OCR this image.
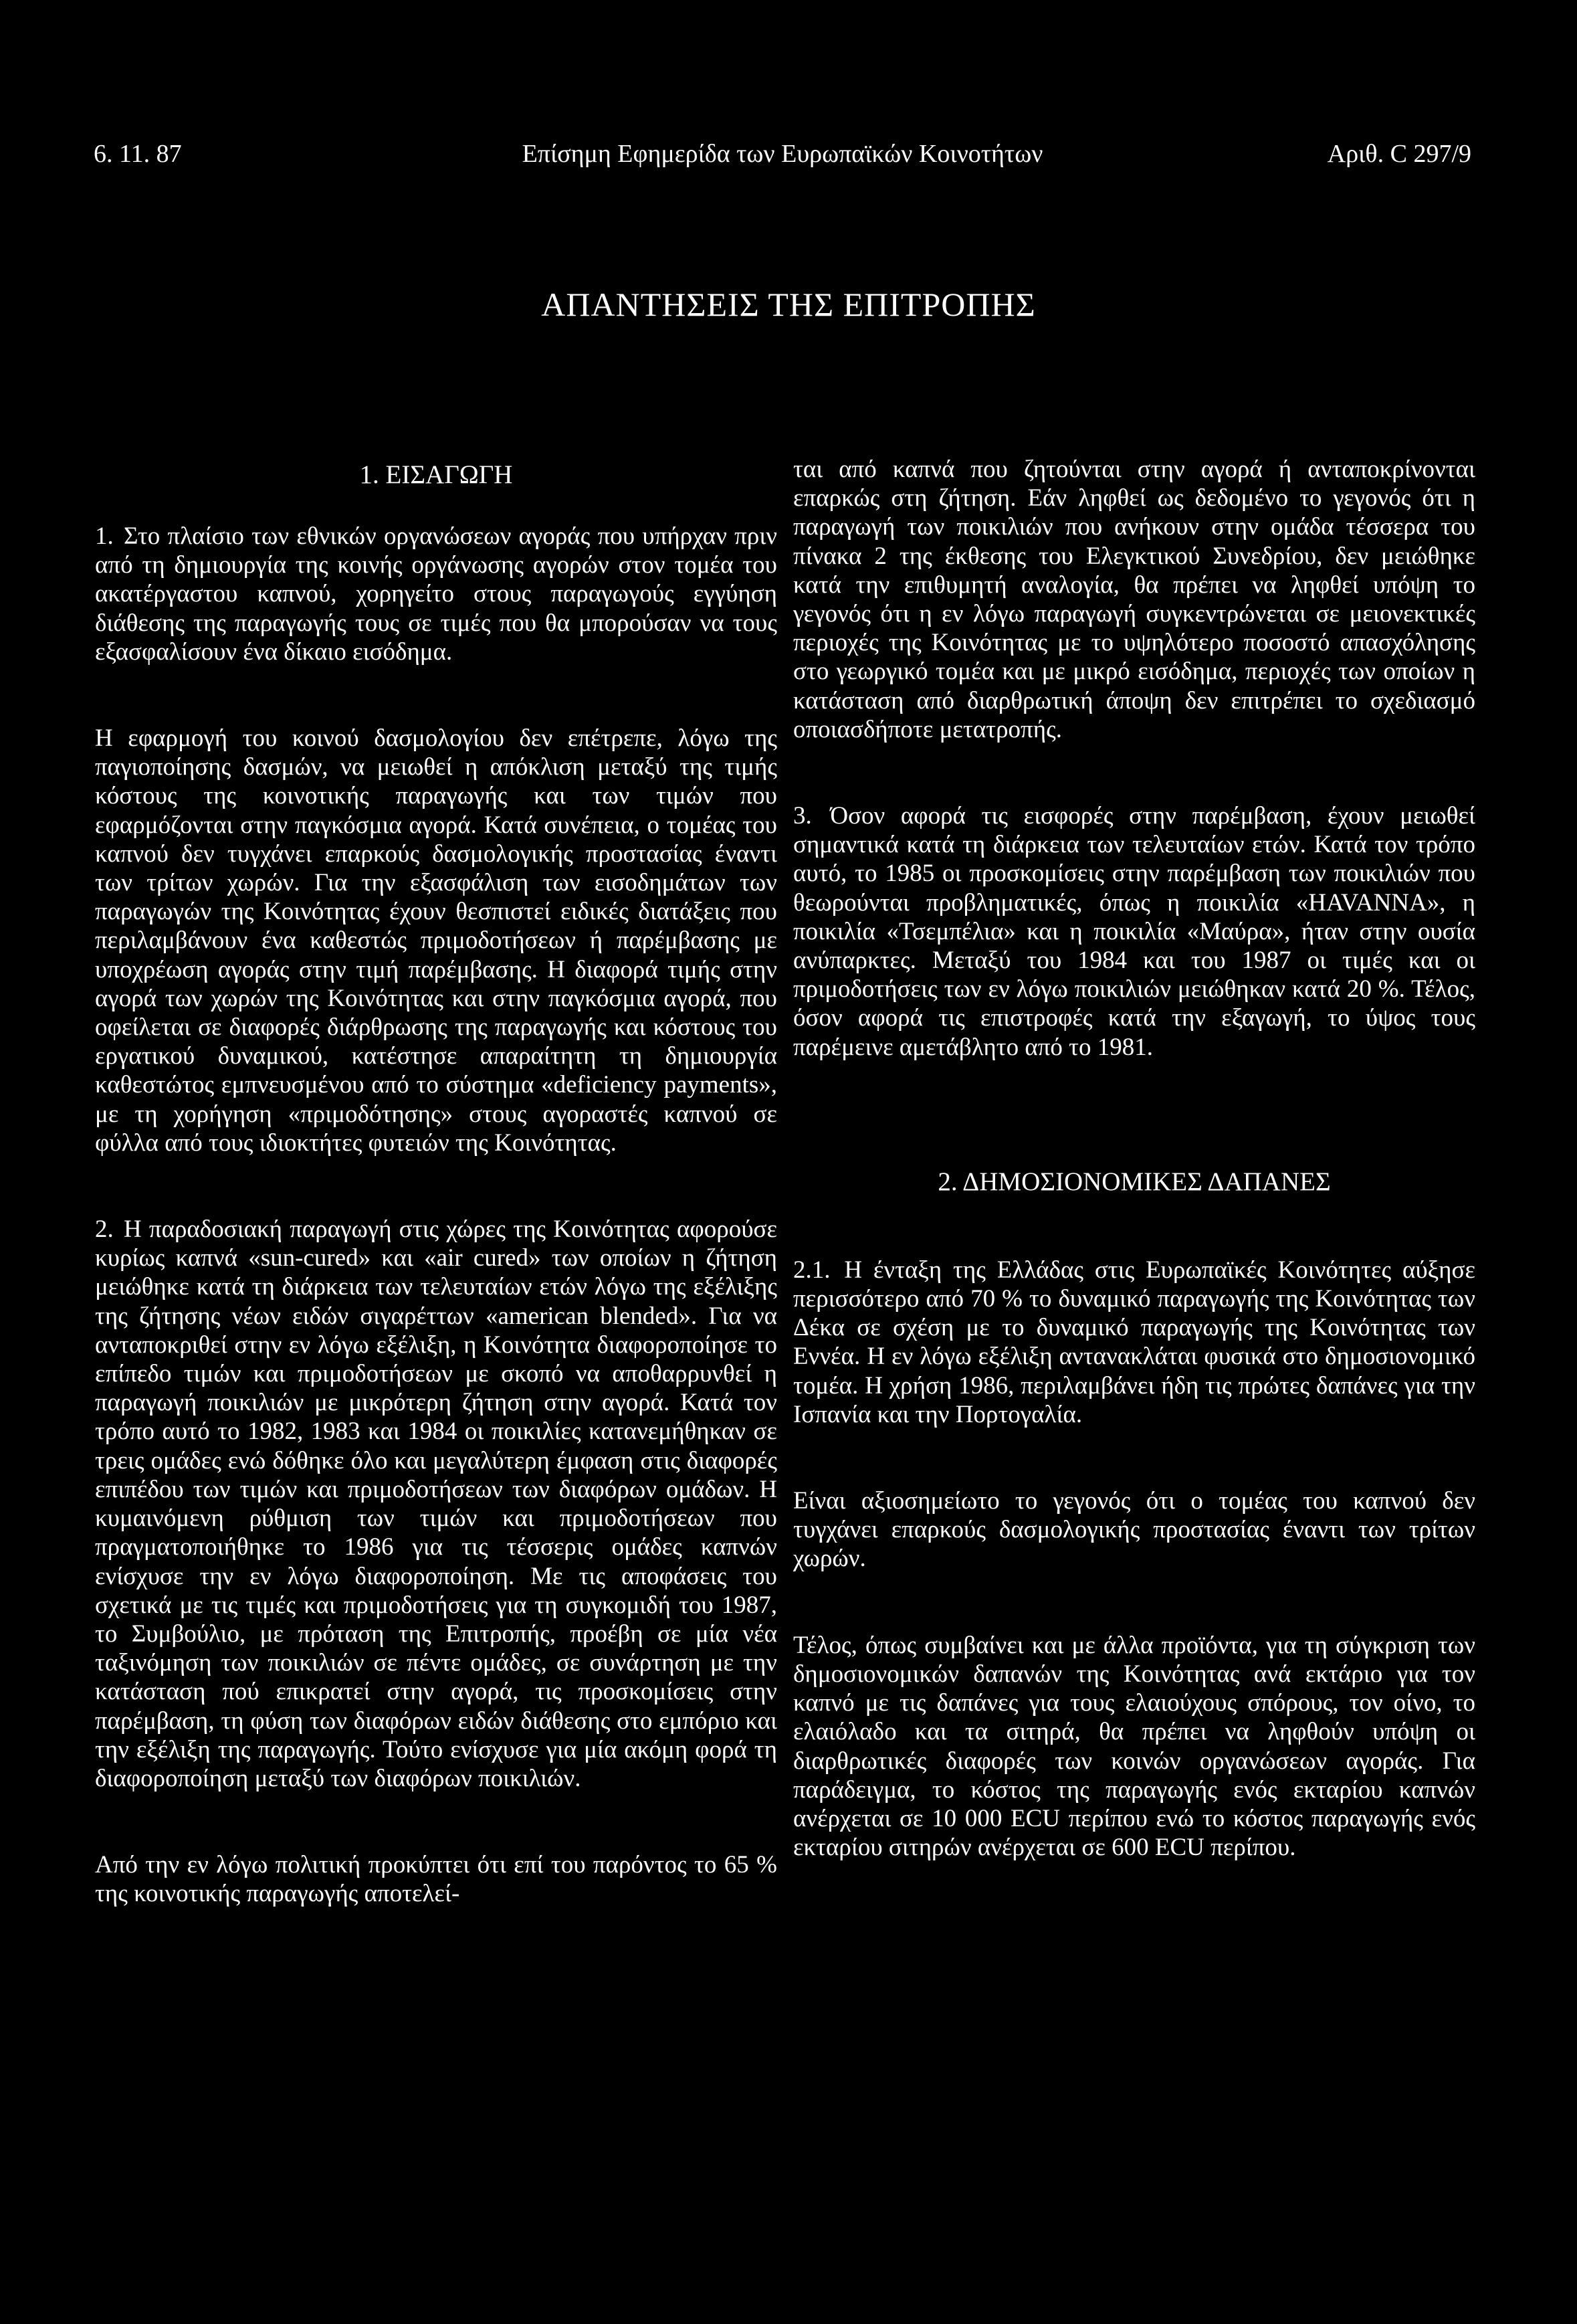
6. 11. 87	Επίσημη Εφημερίδα των Ευρωπαϊκών Κοινοτήτων	Αριθ. C 297/9
ΑΠΑΝΤΗΣΕΙΣ ΤΗΣ ΕΠΙΤΡΟΠΗΣ
1. ΕΙΣΑΓΩΓΗ

1. Στο πλαίσιο των εθνικών οργανώσεων αγοράς που υπήρχαν πριν από τη δημιουργία της κοινής οργάνωσης αγορών στον τομέα του ακατέργαστου καπνού, χορηγείτο στους παραγωγούς εγγύηση διάθεσης της παραγωγής τους σε τιμές που θα μπορούσαν να τους εξασφαλίσουν ένα δίκαιο εισόδημα.

Η εφαρμογή του κοινού δασμολογίου δεν επέτρεπε, λόγω της παγιοποίησης δασμών, να μειωθεί η απόκλιση μεταξύ της τιμής κόστους της κοινοτικής παραγωγής και των τιμών που εφαρμόζονται στην παγκόσμια αγορά. Κατά συνέπεια, ο τομέας του καπνού δεν τυγχάνει επαρκούς δασμολογικής προστασίας έναντι των τρίτων χωρών. Για την εξασφάλιση των εισοδημάτων των παραγωγών της Κοινότητας έχουν θεσπιστεί ειδικές διατάξεις που περιλαμβάνουν ένα καθεστώς πριμοδοτήσεων ή παρέμβασης με υποχρέωση αγοράς στην τιμή παρέμβασης. Η διαφορά τιμής στην αγορά των χωρών της Κοινότητας και στην παγκόσμια αγορά, που οφείλεται σε διαφορές διάρθρωσης της παραγωγής και κόστους του εργατικού δυναμικού, κατέστησε απαραίτητη τη δημιουργία καθεστώτος εμπνευσμένου από το σύστημα «deficiency payments», με τη χορήγηση «πριμοδότησης» στους αγοραστές καπνού σε φύλλα από τους ιδιοκτήτες φυτειών της Κοινότητας.

2. Η παραδοσιακή παραγωγή στις χώρες της Κοινότητας αφορούσε κυρίως καπνά «sun-cured» και «air cured» των οποίων η ζήτηση μειώθηκε κατά τη διάρκεια των τελευταίων ετών λόγω της εξέλιξης της ζήτησης νέων ειδών σιγαρέττων «american blended». Για να ανταποκριθεί στην εν λόγω εξέλιξη, η Κοινότητα διαφοροποίησε το επίπεδο τιμών και πριμοδοτήσεων με σκοπό να αποθαρρυνθεί η παραγωγή ποικιλιών με μικρότερη ζήτηση στην αγορά. Κατά τον τρόπο αυτό το 1982, 1983 και 1984 οι ποικιλίες κατανεμήθηκαν σε τρεις ομάδες ενώ δόθηκε όλο και μεγαλύτερη έμφαση στις διαφορές επιπέδου των τιμών και πριμοδοτήσεων των διαφόρων ομάδων. Η κυμαινόμενη ρύθμιση των τιμών και πριμοδοτήσεων που πραγματοποιήθηκε το 1986 για τις τέσσερις ομάδες καπνών ενίσχυσε την εν λόγω διαφοροποίηση. Με τις αποφάσεις του σχετικά με τις τιμές και πριμοδοτήσεις για τη συγκομιδή του 1987, το Συμβούλιο, με πρόταση της Επιτροπής, προέβη σε μία νέα ταξινόμηση των ποικιλιών σε πέντε ομάδες, σε συνάρτηση με την κατάσταση πού επικρατεί στην αγορά, τις προσκομίσεις στην παρέμβαση, τη φύση των διαφόρων ειδών διάθεσης στο εμπόριο και την εξέλιξη της παραγωγής. Τούτο ενίσχυσε για μία ακόμη φορά τη διαφοροποίηση μεταξύ των διαφόρων ποικιλιών.

Από την εν λόγω πολιτική προκύπτει ότι επί του παρόντος το 65 % της κοινοτικής παραγωγής αποτελεί-

ται από καπνά που ζητούνται στην αγορά ή ανταποκρίνονται επαρκώς στη ζήτηση. Εάν ληφθεί ως δεδομένο το γεγονός ότι η παραγωγή των ποικιλιών που ανήκουν στην ομάδα τέσσερα του πίνακα 2 της έκθεσης του Ελεγκτικού Συνεδρίου, δεν μειώθηκε κατά την επιθυμητή αναλογία, θα πρέπει να ληφθεί υπόψη το γεγονός ότι η εν λόγω παραγωγή συγκεντρώνεται σε μειονεκτικές περιοχές της Κοινότητας με το υψηλότερο ποσοστό απασχόλησης στο γεωργικό τομέα και με μικρό εισόδημα, περιοχές των οποίων η κατάσταση από διαρθρωτική άποψη δεν επιτρέπει το σχεδιασμό οποιασδήποτε μετατροπής.

3. Όσον αφορά τις εισφορές στην παρέμβαση, έχουν μειωθεί σημαντικά κατά τη διάρκεια των τελευταίων ετών. Κατά τον τρόπο αυτό, το 1985 οι προσκομίσεις στην παρέμβαση των ποικιλιών που θεωρούνται προβληματικές, όπως η ποικιλία «HAVANNA», η ποικιλία «Τσεμπέλια» και η ποικιλία «Μαύρα», ήταν στην ουσία ανύπαρκτες. Μεταξύ του 1984 και του 1987 οι τιμές και οι πριμοδοτήσεις των εν λόγω ποικιλιών μειώθηκαν κατά 20 %. Τέλος, όσον αφορά τις επιστροφές κατά την εξαγωγή, το ύψος τους παρέμεινε αμετάβλητο από το 1981.

2. ΔΗΜΟΣΙΟΝΟΜΙΚΕΣ ΔΑΠΑΝΕΣ

2.1. Η ένταξη της Ελλάδας στις Ευρωπαϊκές Κοινότητες αύξησε περισσότερο από 70 % το δυναμικό παραγωγής της Κοινότητας των Δέκα σε σχέση με το δυναμικό παραγωγής της Κοινότητας των Εννέα. Η εν λόγω εξέλιξη αντανακλάται φυσικά στο δημοσιονομικό τομέα. Η χρήση 1986, περιλαμβάνει ήδη τις πρώτες δαπάνες για την Ισπανία και την Πορτογαλία.

Είναι αξιοσημείωτο το γεγονός ότι ο τομέας του καπνού δεν τυγχάνει επαρκούς δασμολογικής προστασίας έναντι των τρίτων χωρών.

Τέλος, όπως συμβαίνει και με άλλα προϊόντα, για τη σύγκριση των δημοσιονομικών δαπανών της Κοινότητας ανά εκτάριο για τον καπνό με τις δαπάνες για τους ελαιούχους σπόρους, τον οίνο, το ελαιόλαδο και τα σιτηρά, θα πρέπει να ληφθούν υπόψη οι διαρθρωτικές διαφορές των κοινών οργανώσεων αγοράς. Για παράδειγμα, το κόστος της παραγωγής ενός εκταρίου καπνών ανέρχεται σε 10 000 ECU περίπου ενώ το κόστος παραγωγής ενός εκταρίου σιτηρών ανέρχεται σε 600 ECU περίπου.
